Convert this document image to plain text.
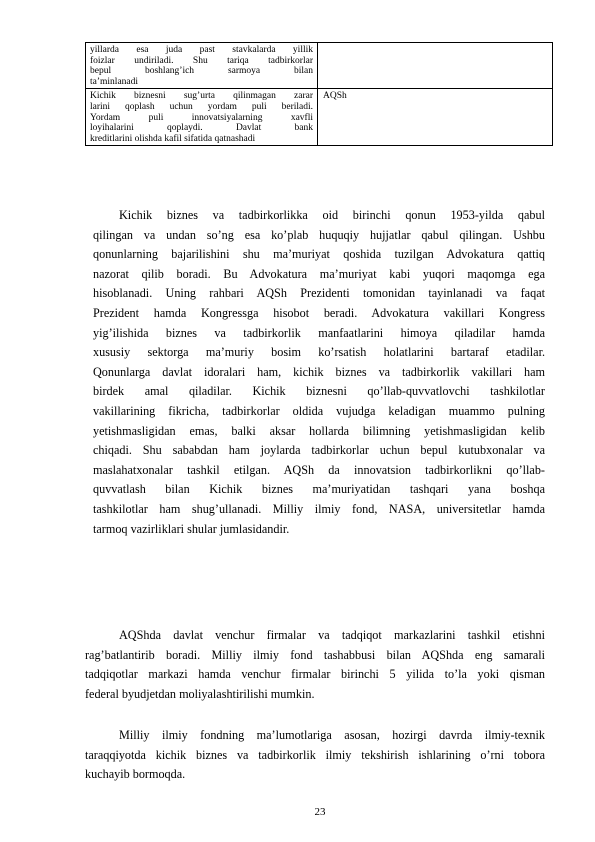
yillarda esa juda past stavkalarda yillik
foizlar undiriladi. Shu tariqa tadbirkorlar
bepul boshlang’ich sarmoya bilan
ta’minlanadi	

Kichik biznesni sug’urta qilinmagan zarar
larini qoplash uchun yordam puli beriladi.
Yordam puli innovatsiyalarning xavfli
loyihalarini qoplaydi. Davlat bank
kreditlarini olishda kafil sifatida qatnashadi	AQSh
Kichik biznes va tadbirkorlikka oid birinchi qonun 1953-yilda qabul
qilingan va undan so’ng esa ko’plab huquqiy hujjatlar qabul qilingan. Ushbu
qonunlarning bajarilishini shu ma’muriyat qoshida tuzilgan Advokatura qattiq
nazorat qilib boradi. Bu Advokatura ma’muriyat kabi yuqori maqomga ega
hisoblanadi. Uning rahbari AQSh Prezidenti tomonidan tayinlanadi va faqat
Prezident hamda Kongressga hisobot beradi. Advokatura vakillari Kongress
yig’ilishida biznes va tadbirkorlik manfaatlarini himoya qiladilar hamda
xususiy sektorga ma’muriy bosim ko’rsatish holatlarini bartaraf etadilar.
Qonunlarga davlat idoralari ham, kichik biznes va tadbirkorlik vakillari ham
birdek amal qiladilar. Kichik biznesni qo’llab-quvvatlovchi tashkilotlar
vakillarining fikricha, tadbirkorlar oldida vujudga keladigan muammo pulning
yetishmasligidan emas, balki aksar hollarda bilimning yetishmasligidan kelib
chiqadi. Shu sababdan ham joylarda tadbirkorlar uchun bepul kutubxonalar va
maslahatxonalar tashkil etilgan. AQSh da innovatsion tadbirkorlikni qo’llab-
quvvatlash bilan Kichik biznes ma’muriyatidan tashqari yana boshqa
tashkilotlar ham shug’ullanadi. Milliy ilmiy fond, NASA, universitetlar hamda
tarmoq vazirliklari shular jumlasidandir.
AQShda davlat venchur firmalar va tadqiqot markazlarini tashkil etishni
rag’batlantirib boradi. Milliy ilmiy fond tashabbusi bilan AQShda eng samarali
tadqiqotlar markazi hamda venchur firmalar birinchi 5 yilida to’la yoki qisman
federal byudjetdan moliyalashtirilishi mumkin.
Milliy ilmiy fondning ma’lumotlariga asosan, hozirgi davrda ilmiy-texnik
taraqqiyotda kichik biznes va tadbirkorlik ilmiy tekshirish ishlarining o’rni tobora
kuchayib bormoqda.
23
